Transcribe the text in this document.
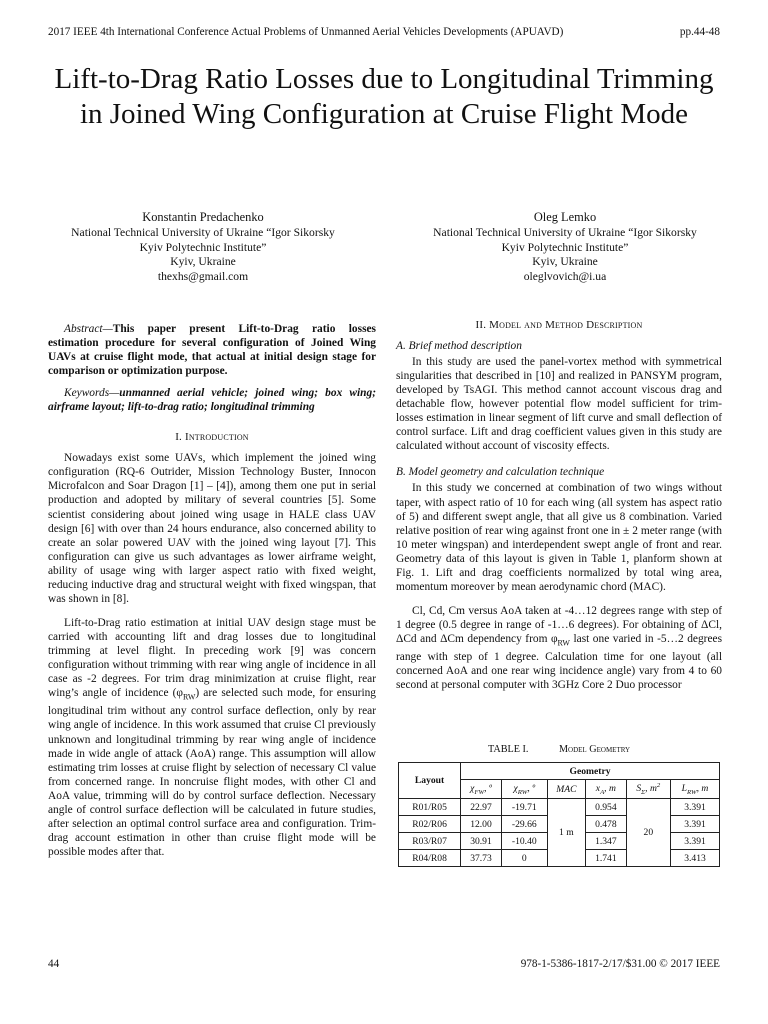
2017 IEEE 4th International Conference Actual Problems of Unmanned Aerial Vehicles Developments (APUAVD)	pp.44-48
Lift-to-Drag Ratio Losses due to Longitudinal Trimming in Joined Wing Configuration at Cruise Flight Mode
Konstantin Predachenko
National Technical University of Ukraine “Igor Sikorsky
Kyiv Polytechnic Institute”
Kyiv, Ukraine
thexhs@gmail.com
Oleg Lemko
National Technical University of Ukraine “Igor Sikorsky
Kyiv Polytechnic Institute”
Kyiv, Ukraine
oleglvovich@i.ua

Abstract—This paper present Lift-to-Drag ratio losses estimation procedure for several configuration of Joined Wing UAVs at cruise flight mode, that actual at initial design stage for comparison or optimization purpose.

Keywords—unmanned aerial vehicle; joined wing; box wing; airframe layout; lift-to-drag ratio; longitudinal trimming

I. Introduction

Nowadays exist some UAVs, which implement the joined wing configuration (RQ-6 Outrider, Mission Technology Buster, Innocon Microfalcon and Soar Dragon [1] – [4]), among them one put in serial production and adopted by military of several countries [5]. Some scientist considering about joined wing usage in HALE class UAV design [6] with over than 24 hours endurance, also concerned ability to create an solar powered UAV with the joined wing layout [7]. This configuration can give us such advantages as lower airframe weight, ability of usage wing with larger aspect ratio with fixed weight, reducing inductive drag and structural weight with fixed wingspan, that was shown in [8].

Lift-to-Drag ratio estimation at initial UAV design stage must be carried with accounting lift and drag losses due to longitudinal trimming at level flight. In preceding work [9] was concern configuration without trimming with rear wing angle of incidence in all case as -2 degrees. For trim drag minimization at cruise flight, rear wing’s angle of incidence $(\varphi_{RW})$ are selected such mode, for ensuring longitudinal trim without any control surface deflection, only by rear wing angle of incidence. In this work assumed that cruise Cl previously unknown and longitudinal trimming by rear wing angle of incidence made in wide angle of attack (AoA) range. This assumption will allow estimating trim losses at cruise flight by selection of necessary Cl value from concerned range. In noncruise flight modes, with other Cl and AoA value, trimming will do by control surface deflection. Necessary angle of control surface deflection will be calculated in future studies, after selection an optimal control surface area and configuration. Trim-drag account estimation in other than cruise flight mode will be possible modes after that.

II. Model and Method Description

A. Brief method description

In this study are used the panel-vortex method with symmetrical singularities that described in [10] and realized in PANSYM program, developed by TsAGI. This method cannot account viscous drag and detachable flow, however potential flow model sufficient for trim-losses estimation in linear segment of lift curve and small deflection of control surface. Lift and drag coefficient values given in this study are calculated without account of viscosity effects.

B. Model geometry and calculation technique

In this study we concerned at combination of two wings without taper, with aspect ratio of 10 for each wing (all system has aspect ratio of 5) and different swept angle, that all give us 8 combination. Varied relative position of rear wing against front one in ± 2 meter range (with 10 meter wingspan) and interdependent swept angle of front and rear. Geometry data of this layout is given in Table 1, planform shown at Fig. 1. Lift and drag coefficients normalized by total wing area, momentum moreover by mean aerodynamic chord (MAC).

Cl, Cd, Cm versus AoA taken at -4…12 degrees range with step of 1 degree (0.5 degree in range of -1…6 degrees). For obtaining of ΔCl, ΔCd and ΔCm dependency from $\varphi_{RW}$ last one varied in -5…2 degrees range with step of 1 degree. Calculation time for one layout (all concerned AoA and one rear wing incidence angle) vary from 4 to 60 second at personal computer with 3GHz Core 2 Duo processor

TABLE I.	Model Geometry
Layout	Geometry					
	$\chi_{FW}$, º	$\chi_{RW}$, º	MAC	$x_A$, m	$S_\Sigma$, $m^2$	$L_{RW}$, m
R01/R05	22.97	-19.71	1 m	0.954	20	3.391
R02/R06	12.00	-29.66		0.478		3.391
R03/R07	30.91	-10.40		1.347		3.391
R04/R08	37.73	0		1.741		3.413
44	978-1-5386-1817-2/17/$31.00 © 2017 IEEE
